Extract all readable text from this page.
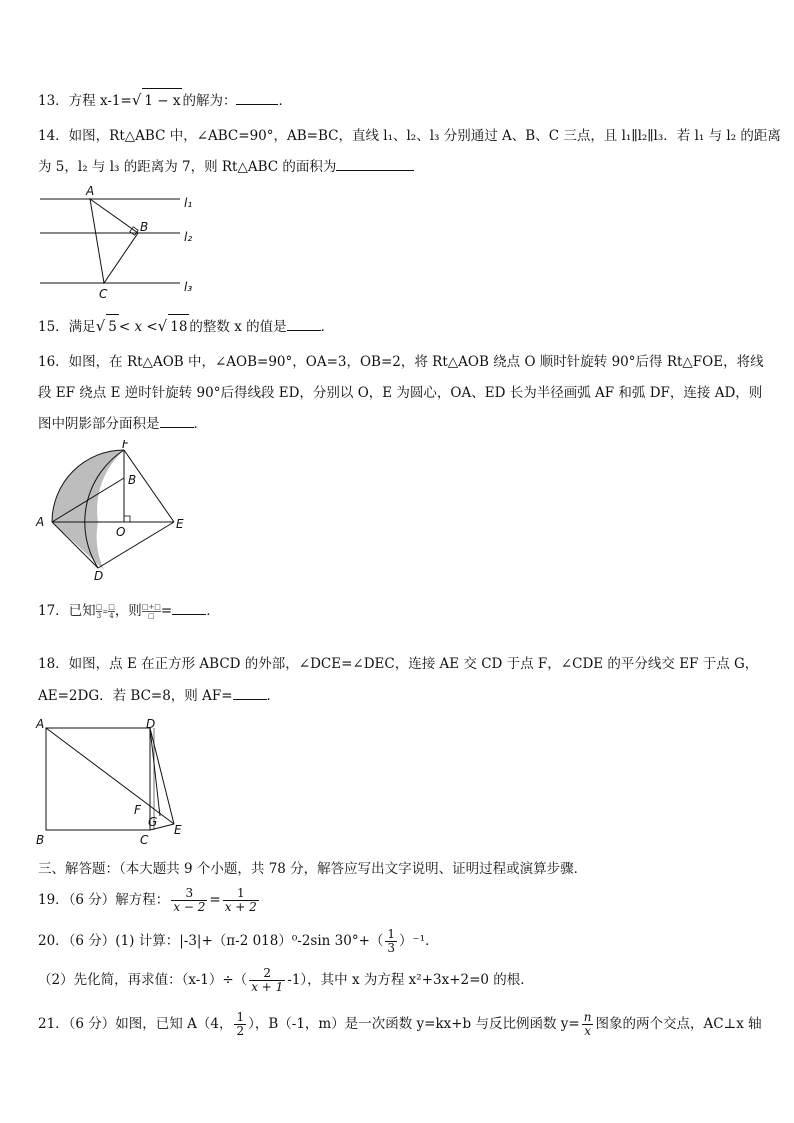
13．方程 x-1=√ 1 − x 的解为：	．
14．如图，Rt△ABC 中，∠ABC=90°，AB=BC，直线 l₁、l₂、l₃ 分别通过 A、B、C 三点，且 l₁∥l₂∥l₃．若 l₁ 与 l₂ 的距离
为 5，l₂ 与 l₃ 的距离为 7，则 Rt△ABC 的面积为
A
B
C
l₁
l₂
l₃
15．满足√ 5 < x <√ 18 的整数 x 的值是	．
16．如图，在 Rt△AOB 中，∠AOB=90°，OA=3，OB=2，将 Rt△AOB 绕点 O 顺时针旋转 90°后得 Rt△FOE，将线
段 EF 绕点 E 逆时针旋转 90°后得线段 ED，分别以 O，E 为圆心，OA、ED 长为半径画弧 AF 和弧 DF，连接 AD，则
图中阴影部分面积是	．
F
B
A
O
E
D
17．已知 □
3
=
□
4 ，则 □+□
□ =	．
18．如图，点 E 在正方形 ABCD 的外部，∠DCE=∠DEC，连接 AE 交 CD 于点 F，∠CDE 的平分线交 EF 于点 G，
AE=2DG．若 BC=8，则 AF=	．
A	D
B	C
F
G
E
三、解答题：（本大题共 9 个小题，共 78 分，解答应写出文字说明、证明过程或演算步骤．
19．（6 分）解方程： $\frac{3}{x - 2} = \frac{1}{x + 2}$
20．（6 分）(1) 计算：|-3|+（π-2 018）⁰-2sin $30^\circ+( \frac{1}{3} )^{-1}$．
（2）先化简，再求值：$(x-1)\div( \frac{2}{x + 1} -1)$，其中 x 为方程 x²+3x+2=0 的根．
21．（6 分）如图，已知 A（4， $\frac{1}{2}$ ），B（-1，m）是一次函数 y=kx+b 与反比例函数 $y= \frac{n}{x}$ 图象的两个交点，AC⊥x 轴
